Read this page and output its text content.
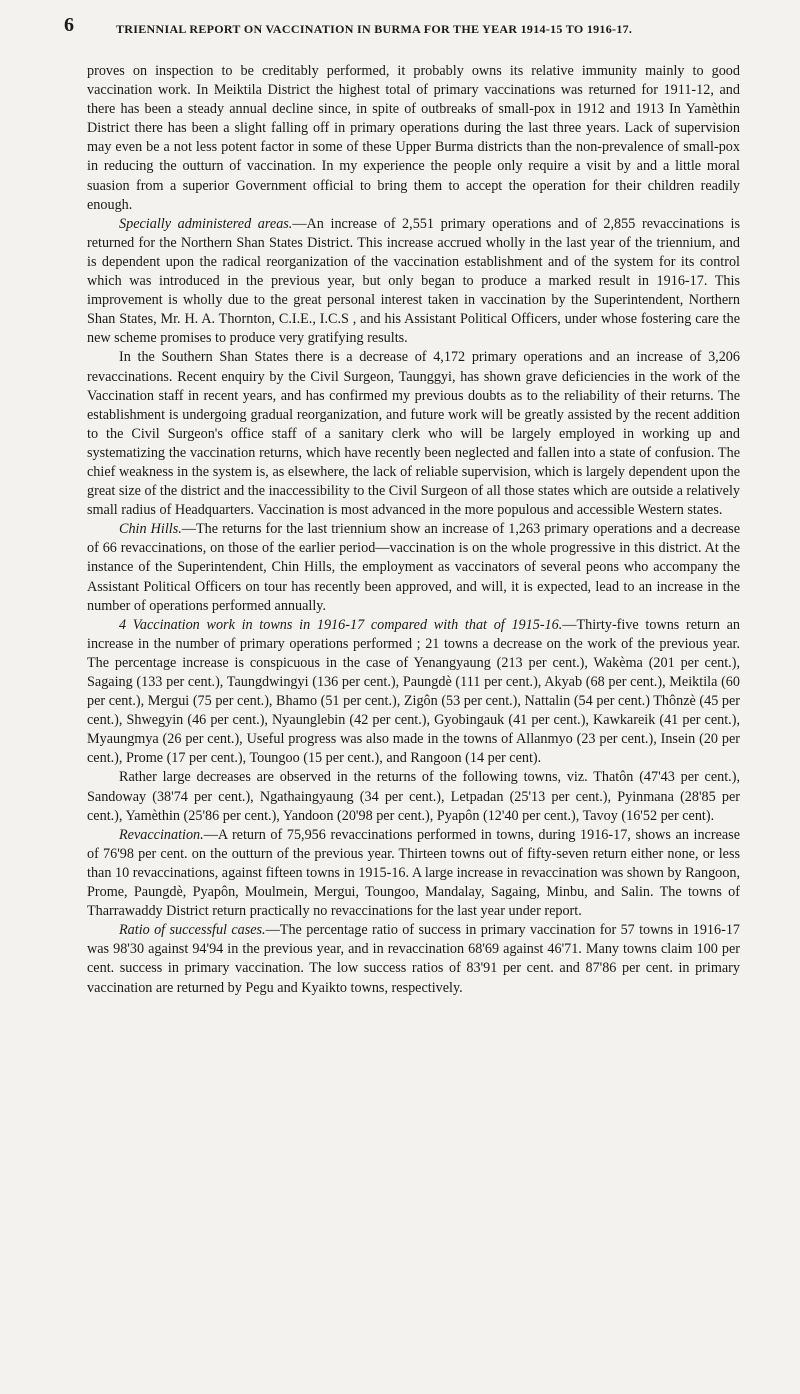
6	TRIENNIAL REPORT ON VACCINATION IN BURMA FOR THE YEAR 1914-15 TO 1916-17.

proves on inspection to be creditably performed, it probably owns its relative immunity mainly to good vaccination work. In Meiktila District the highest total of primary vaccinations was returned for 1911-12, and there has been a steady annual decline since, in spite of outbreaks of small-pox in 1912 and 1913 In Yamèthin District there has been a slight falling off in primary operations during the last three years. Lack of supervision may even be a not less potent factor in some of these Upper Burma districts than the non-prevalence of small-pox in reducing the outturn of vaccination. In my experience the people only require a visit by and a little moral suasion from a superior Government official to bring them to accept the operation for their children readily enough.

Specially administered areas.—An increase of 2,551 primary operations and of 2,855 revaccinations is returned for the Northern Shan States District. This increase accrued wholly in the last year of the triennium, and is dependent upon the radical reorganization of the vaccination establishment and of the system for its control which was introduced in the previous year, but only began to produce a marked result in 1916-17. This improvement is wholly due to the great personal interest taken in vaccination by the Superintendent, Northern Shan States, Mr. H. A. Thornton, C.I.E., I.C.S , and his Assistant Political Officers, under whose fostering care the new scheme promises to produce very gratifying results.

In the Southern Shan States there is a decrease of 4,172 primary operations and an increase of 3,206 revaccinations. Recent enquiry by the Civil Surgeon, Taunggyi, has shown grave deficiencies in the work of the Vaccination staff in recent years, and has confirmed my previous doubts as to the reliability of their returns. The establishment is undergoing gradual reorganization, and future work will be greatly assisted by the recent addition to the Civil Surgeon's office staff of a sanitary clerk who will be largely employed in working up and systematizing the vaccination returns, which have recently been neglected and fallen into a state of confusion. The chief weakness in the system is, as elsewhere, the lack of reliable supervision, which is largely dependent upon the great size of the district and the inaccessibility to the Civil Surgeon of all those states which are outside a relatively small radius of Headquarters. Vaccination is most advanced in the more populous and accessible Western states.

Chin Hills.—The returns for the last triennium show an increase of 1,263 primary operations and a decrease of 66 revaccinations, on those of the earlier period—vaccination is on the whole progressive in this district. At the instance of the Superintendent, Chin Hills, the employment as vaccinators of several peons who accompany the Assistant Political Officers on tour has recently been approved, and will, it is expected, lead to an increase in the number of operations performed annually.

4 Vaccination work in towns in 1916-17 compared with that of 1915-16.—Thirty-five towns return an increase in the number of primary operations performed ; 21 towns a decrease on the work of the previous year. The percentage increase is conspicuous in the case of Yenangyaung (213 per cent.), Wakèma (201 per cent.), Sagaing (133 per cent.), Taungdwingyi (136 per cent.), Paungdè (111 per cent.), Akyab (68 per cent.), Meiktila (60 per cent.), Mergui (75 per cent.), Bhamo (51 per cent.), Zigôn (53 per cent.), Nattalin (54 per cent.) Thônzè (45 per cent.), Shwegyin (46 per cent.), Nyaunglebin (42 per cent.), Gyobingauk (41 per cent.), Kawkareik (41 per cent.), Myaungmya (26 per cent.), Useful progress was also made in the towns of Allanmyo (23 per cent.), Insein (20 per cent.), Prome (17 per cent.), Toungoo (15 per cent.), and Rangoon (14 per cent).

Rather large decreases are observed in the returns of the following towns, viz. Thatôn (47'43 per cent.), Sandoway (38'74 per cent.), Ngathaingyaung (34 per cent.), Letpadan (25'13 per cent.), Pyinmana (28'85 per cent.), Yamèthin (25'86 per cent.), Yandoon (20'98 per cent.), Pyapôn (12'40 per cent.), Tavoy (16'52 per cent).

Revaccination.—A return of 75,956 revaccinations performed in towns, during 1916-17, shows an increase of 76'98 per cent. on the outturn of the previous year. Thirteen towns out of fifty-seven return either none, or less than 10 revaccinations, against fifteen towns in 1915-16. A large increase in revaccination was shown by Rangoon, Prome, Paungdè, Pyapôn, Moulmein, Mergui, Toungoo, Mandalay, Sagaing, Minbu, and Salin. The towns of Tharrawaddy District return practically no revaccinations for the last year under report.

Ratio of successful cases.—The percentage ratio of success in primary vaccination for 57 towns in 1916-17 was 98'30 against 94'94 in the previous year, and in revaccination 68'69 against 46'71. Many towns claim 100 per cent. success in primary vaccination. The low success ratios of 83'91 per cent. and 87'86 per cent. in primary vaccination are returned by Pegu and Kyaikto towns, respectively.
